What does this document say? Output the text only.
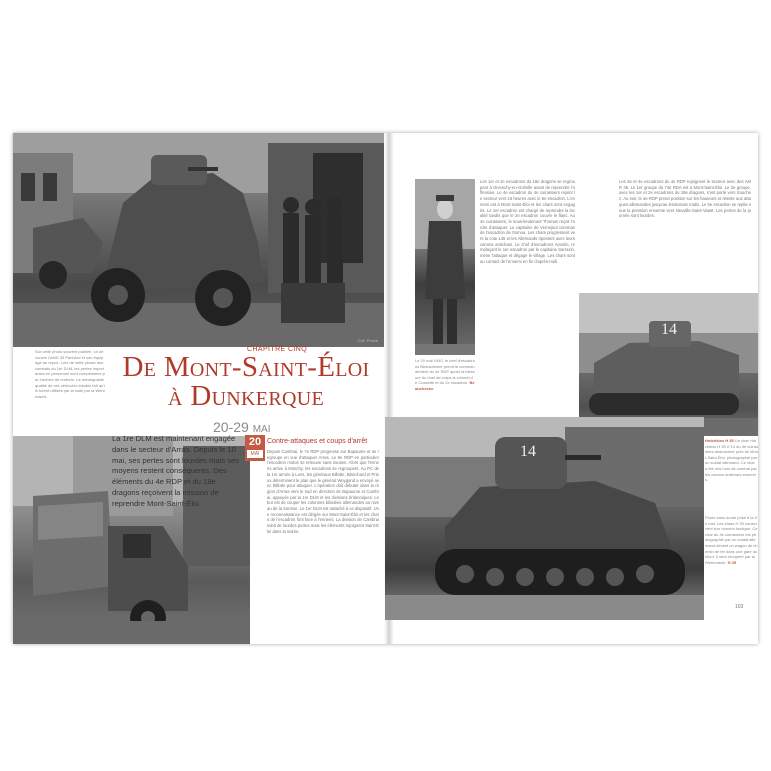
Coll. Privée
Sur cette photo souvent publiée, on découvre l'AMD 35 Panhard et son équipage au repos. Lors de cette phase des combats du 1er DLM, les pertes importantes en personnel sont compensées par l'arrivée de renforts. La remarquable qualité de ces véhicules blindés fait qu'ils furent utilisés par la suite par la Wehrmacht...
CHAPITRE CINQ
De Mont-Saint-Éloi
à Dunkerque
20-29 mai

La 1re DLM est maintenant engagée dans le secteur d'Arras. Depuis le 10 mai, ses pertes sont lourdes mais ses moyens restent conséquents. Des éléments du 4e RDP et du 18e dragons reçoivent la mission de reprendre Mont-Saint-Éloi.

20
MAI
Contre-attaques et coups d'arrêt
Depuis Cambrai, le 7e RDP progresse sur Bapaume et se regroupe en vue d'attaquer Arras. Le 5e RDP en particulier l'escadron motos se retrouve sans soutien. Alors que l'ennemi arrive à Monchy, les escadrons se regroupent. Au PC de la 1re armée à Lens, les généraux Billotte, Blanchard et Prioux déterminent le plan que le général Weygand a envoyé avec Billotte pour attaquer. L'opération doit débuter dans la région d'Arras vers le sud en direction de Bapaume et Cambrai, appuyée par la 1re DLM et les divisions britanniques. Le but est de couper les colonnes blindées allemandes au niveau de la Somme. Le 1er DLM est rattaché à ce dispositif. Une reconnaissance est dirigée sur Mont-Saint-Éloi et les chars de l'escadron font face à l'ennemi. La division de Cambrai subit de lourdes pertes mais les éléments rejoignent Saint-Éloi dans la soirée.
Le 20 mai 1940, le chef d'escadrons Beauchesne prend le commandement du 4e RDP après la blessure du chef de corps le colonel de Cossette et du 2e escadron. Beauchesne
Les 1er et 2e escadrons du 18e dragons se regroupent à Givenchy-en-Gohelle avant de reprendre l'offensive. Le 4e escadron du 4e cuirassiers rejoint le secteur vers 16 heures avec le 6e escadron. L'ennemi est à Mont-Saint-Éloi et les chars sont engagés. Le 1er escadron est chargé de reprendre la localité tandis que le 2e escadron couvre le flanc. Au 4e cuirassiers, le sous-lieutenant Thomas reçoit l'ordre d'attaquer. Le capitaine de Vernejoul commande l'escadron de Somua. Les chars progressent vers la cote 145 et les Allemands ripostent avec leurs canons antichars. Le chef d'escadrons Ancelin, remplaçant le 1er escadron par le capitaine Sarrazin, mène l'attaque et dégage le village. Les chars sont au contact de l'ennemi en fin d'après-midi.
Les 3e et 4e escadrons du 4e RDP rejoignent le secteur avec des AMR 35. Le 1er groupe du 74e RDA est à Mont-Saint-Éloi. Le 2e groupe, avec les 1er et 2e escadrons du 18e dragons, s'est porté vers Souchez. Au soir, le 4e RDP prend position sur les hauteurs et résiste aux attaques allemandes jusqu'au lendemain matin. Le 5e escadron se replie sous la pression ennemie vers Neuville-Saint-Vaast. Les pertes de la journée sont lourdes.
14
Hotchkiss H 35 Un char Hotchkiss H 35 n°14 du 4e cuirassiers abandonné près de Mont-Saint-Éloi, photographié par un soldat allemand. Ce char a été mis hors de combat par les canons antichars ennemis.
14
Photo sans doute prise à la fin mai. Les chars H 35 conservent leur numéro tactique. Ce char du 4e cuirassiers est photographié par un soldat allemand devant un wagon de chemin de fer dans une gare du Nord. Il sera récupéré par la Wehrmacht. H 35
103
